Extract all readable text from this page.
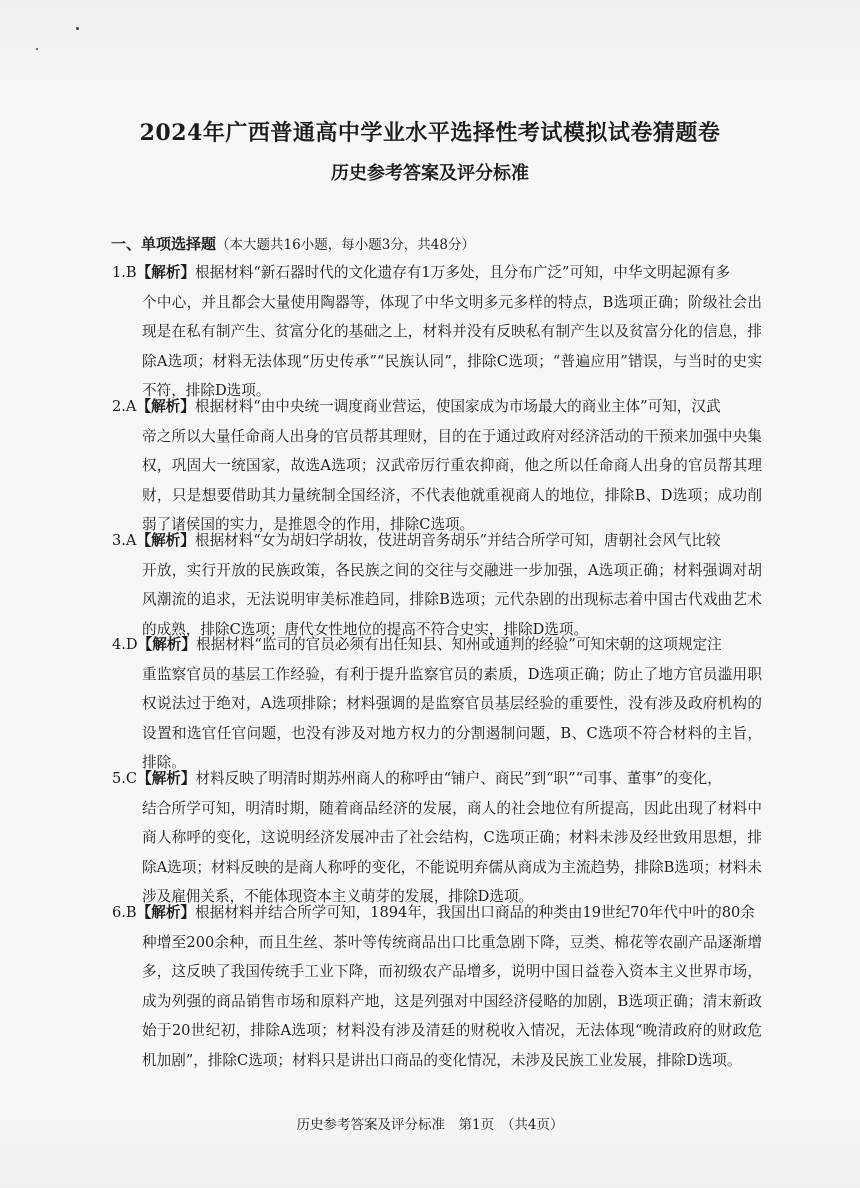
2024年广西普通高中学业水平选择性考试模拟试卷猜题卷
历史参考答案及评分标准
一、单项选择题（本大题共16小题，每小题3分，共48分）

1.B【解析】根据材料“新石器时代的文化遗存有1万多处，且分布广泛”可知，中华文明起源有多

个中心，并且都会大量使用陶器等，体现了中华文明多元多样的特点，B选项正确；阶级社会出现是在私有制产生、贫富分化的基础之上，材料并没有反映私有制产生以及贫富分化的信息，排除A选项；材料无法体现“历史传承”“民族认同”，排除C选项；“普遍应用”错误，与当时的史实不符，排除D选项。

2.A【解析】根据材料“由中央统一调度商业营运，使国家成为市场最大的商业主体”可知，汉武

帝之所以大量任命商人出身的官员帮其理财，目的在于通过政府对经济活动的干预来加强中央集权，巩固大一统国家，故选A选项；汉武帝厉行重农抑商，他之所以任命商人出身的官员帮其理财，只是想要借助其力量统制全国经济，不代表他就重视商人的地位，排除B、D选项；成功削弱了诸侯国的实力，是推恩令的作用，排除C选项。

3.A【解析】根据材料“女为胡妇学胡妆，伎进胡音务胡乐”并结合所学可知，唐朝社会风气比较

开放，实行开放的民族政策，各民族之间的交往与交融进一步加强，A选项正确；材料强调对胡风潮流的追求，无法说明审美标准趋同，排除B选项；元代杂剧的出现标志着中国古代戏曲艺术的成熟，排除C选项；唐代女性地位的提高不符合史实，排除D选项。

4.D【解析】根据材料“监司的官员必须有出任知县、知州或通判的经验”可知宋朝的这项规定注

重监察官员的基层工作经验，有利于提升监察官员的素质，D选项正确；防止了地方官员滥用职权说法过于绝对，A选项排除；材料强调的是监察官员基层经验的重要性，没有涉及政府机构的设置和选官任官问题，也没有涉及对地方权力的分割遏制问题，B、C选项不符合材料的主旨，排除。

5.C【解析】材料反映了明清时期苏州商人的称呼由“铺户、商民”到“职”“司事、董事”的变化，

结合所学可知，明清时期，随着商品经济的发展，商人的社会地位有所提高，因此出现了材料中商人称呼的变化，这说明经济发展冲击了社会结构，C选项正确；材料未涉及经世致用思想，排除A选项；材料反映的是商人称呼的变化，不能说明弃儒从商成为主流趋势，排除B选项；材料未涉及雇佣关系，不能体现资本主义萌芽的发展，排除D选项。

6.B【解析】根据材料并结合所学可知，1894年，我国出口商品的种类由19世纪70年代中叶的80余

种增至200余种，而且生丝、茶叶等传统商品出口比重急剧下降，豆类、棉花等农副产品逐渐增多，这反映了我国传统手工业下降，而初级农产品增多，说明中国日益卷入资本主义世界市场，成为列强的商品销售市场和原料产地，这是列强对中国经济侵略的加剧，B选项正确；清末新政始于20世纪初，排除A选项；材料没有涉及清廷的财税收入情况，无法体现“晚清政府的财政危机加剧”，排除C选项；材料只是讲出口商品的变化情况，未涉及民族工业发展，排除D选项。

历史参考答案及评分标准　第1页　（共4页）
